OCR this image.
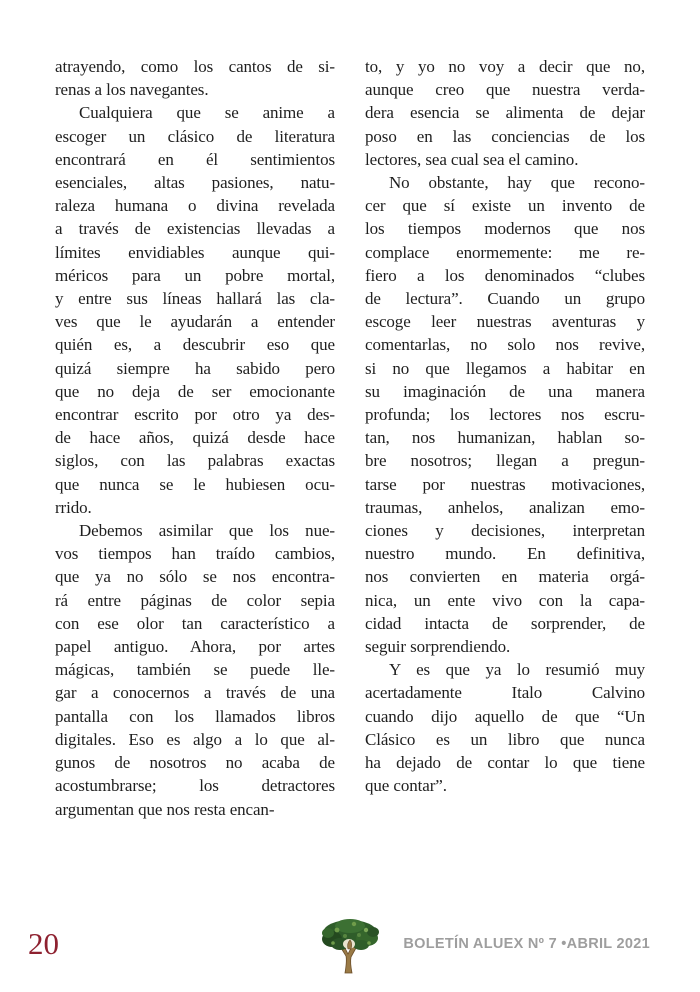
atrayendo, como los cantos de si-
renas a los navegantes.
Cualquiera que se anime a
escoger un clásico de literatura
encontrará en él sentimientos
esenciales, altas pasiones, natu-
raleza humana o divina revelada
a través de existencias llevadas a
límites envidiables aunque qui-
méricos para un pobre mortal,
y entre sus líneas hallará las cla-
ves que le ayudarán a entender
quién es, a descubrir eso que
quizá siempre ha sabido pero
que no deja de ser emocionante
encontrar escrito por otro ya des-
de hace años, quizá desde hace
siglos, con las palabras exactas
que nunca se le hubiesen ocu-
rrido.
Debemos asimilar que los nue-
vos tiempos han traído cambios,
que ya no sólo se nos encontra-
rá entre páginas de color sepia
con ese olor tan característico a
papel antiguo. Ahora, por artes
mágicas, también se puede lle-
gar a conocernos a través de una
pantalla con los llamados libros
digitales. Eso es algo a lo que al-
gunos de nosotros no acaba de
acostumbrarse; los detractores
argumentan que nos resta encan-
to, y yo no voy a decir que no,
aunque creo que nuestra verda-
dera esencia se alimenta de dejar
poso en las conciencias de los
lectores, sea cual sea el camino.
No obstante, hay que recono-
cer que sí existe un invento de
los tiempos modernos que nos
complace enormemente: me re-
fiero a los denominados “clubes
de lectura”. Cuando un grupo
escoge leer nuestras aventuras y
comentarlas, no solo nos revive,
si no que llegamos a habitar en
su imaginación de una manera
profunda; los lectores nos escru-
tan, nos humanizan, hablan so-
bre nosotros; llegan a pregun-
tarse por nuestras motivaciones,
traumas, anhelos, analizan emo-
ciones y decisiones, interpretan
nuestro mundo. En definitiva,
nos convierten en materia orgá-
nica, un ente vivo con la capa-
cidad intacta de sorprender, de
seguir sorprendiendo.
Y es que ya lo resumió muy
acertadamente Italo Calvino
cuando dijo aquello de que “Un
Clásico es un libro que nunca
ha dejado de contar lo que tiene
que contar”.
20	BOLETÍN ALUEX Nº 7 •ABRIL 2021
